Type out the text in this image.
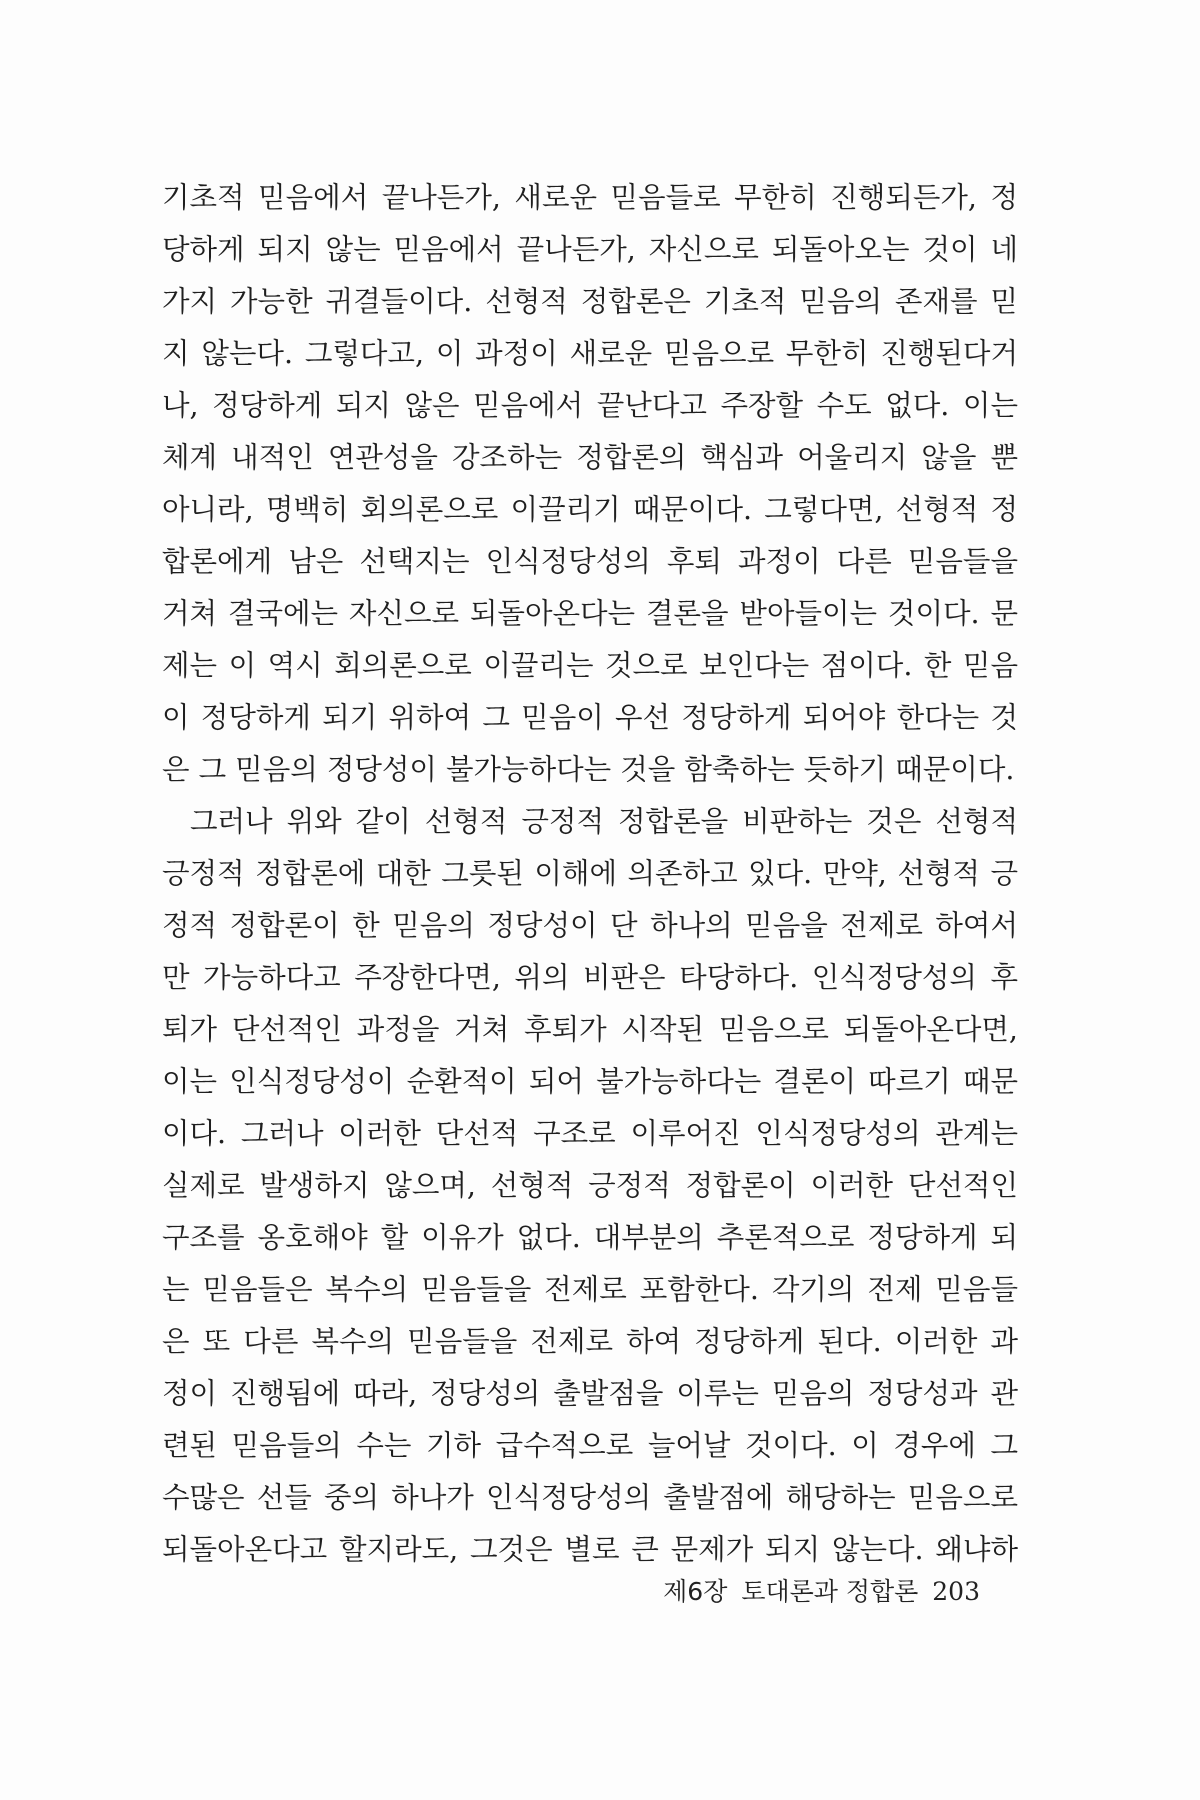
기초적 믿음에서 끝나든가, 새로운 믿음들로 무한히 진행되든가, 정
당하게 되지 않는 믿음에서 끝나든가, 자신으로 되돌아오는 것이 네
가지 가능한 귀결들이다. 선형적 정합론은 기초적 믿음의 존재를 믿
지 않는다. 그렇다고, 이 과정이 새로운 믿음으로 무한히 진행된다거
나, 정당하게 되지 않은 믿음에서 끝난다고 주장할 수도 없다. 이는
체계 내적인 연관성을 강조하는 정합론의 핵심과 어울리지 않을 뿐
아니라, 명백히 회의론으로 이끌리기 때문이다. 그렇다면, 선형적 정
합론에게 남은 선택지는 인식정당성의 후퇴 과정이 다른 믿음들을
거쳐 결국에는 자신으로 되돌아온다는 결론을 받아들이는 것이다. 문
제는 이 역시 회의론으로 이끌리는 것으로 보인다는 점이다. 한 믿음
이 정당하게 되기 위하여 그 믿음이 우선 정당하게 되어야 한다는 것
은 그 믿음의 정당성이 불가능하다는 것을 함축하는 듯하기 때문이다.
그러나 위와 같이 선형적 긍정적 정합론을 비판하는 것은 선형적
긍정적 정합론에 대한 그릇된 이해에 의존하고 있다. 만약, 선형적 긍
정적 정합론이 한 믿음의 정당성이 단 하나의 믿음을 전제로 하여서
만 가능하다고 주장한다면, 위의 비판은 타당하다. 인식정당성의 후
퇴가 단선적인 과정을 거쳐 후퇴가 시작된 믿음으로 되돌아온다면,
이는 인식정당성이 순환적이 되어 불가능하다는 결론이 따르기 때문
이다. 그러나 이러한 단선적 구조로 이루어진 인식정당성의 관계는
실제로 발생하지 않으며, 선형적 긍정적 정합론이 이러한 단선적인
구조를 옹호해야 할 이유가 없다. 대부분의 추론적으로 정당하게 되
는 믿음들은 복수의 믿음들을 전제로 포함한다. 각기의 전제 믿음들
은 또 다른 복수의 믿음들을 전제로 하여 정당하게 된다. 이러한 과
정이 진행됨에 따라, 정당성의 출발점을 이루는 믿음의 정당성과 관
련된 믿음들의 수는 기하 급수적으로 늘어날 것이다. 이 경우에 그
수많은 선들 중의 하나가 인식정당성의 출발점에 해당하는 믿음으로
되돌아온다고 할지라도, 그것은 별로 큰 문제가 되지 않는다. 왜냐하
제6장 토대론과 정합론 203
